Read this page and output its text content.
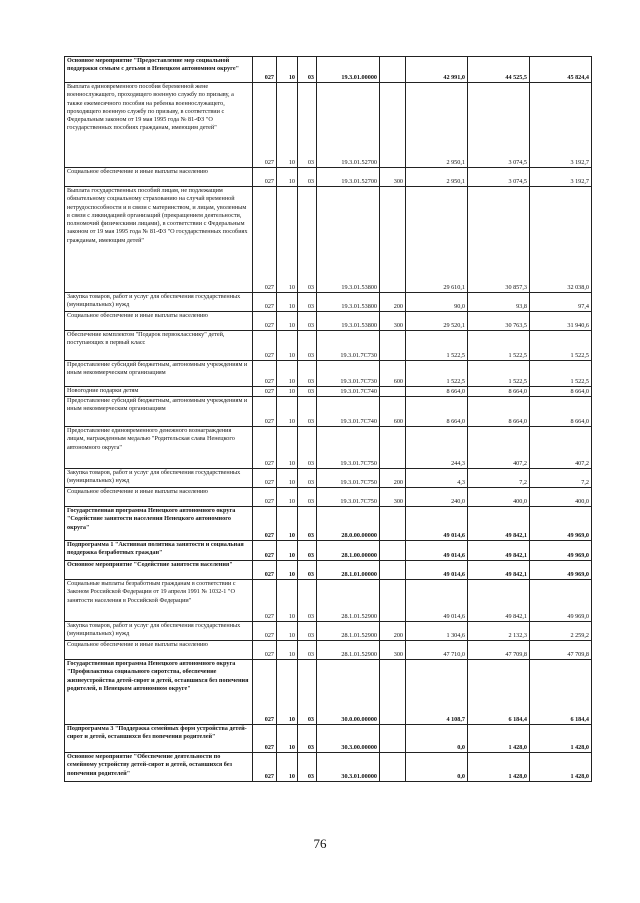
Основное мероприятие "Предоставление мер социальной поддержки семьям с детьми в Ненецком автономном округе"	027	10	03	19.3.01.00000		42 991,0	44 525,5	45 824,4
Выплата единовременного пособия беременной жене военнослужащего, проходящего военную службу по призыву, а также ежемесячного пособия на ребенка военнослужащего, проходящего военную службу по призыву, в соответствии с Федеральным законом от 19 мая 1995 года № 81-ФЗ "О государственных пособиях гражданам, имеющим детей"	027	10	03	19.3.01.52700		2 950,1	3 074,5	3 192,7
Социальное обеспечение и иные выплаты населению	027	10	03	19.3.01.52700	300	2 950,1	3 074,5	3 192,7
Выплата государственных пособий лицам, не подлежащим обязательному социальному страхованию на случай временной нетрудоспособности и в связи с материнством, и лицам, уволенным в связи с ликвидацией организаций (прекращением деятельности, полномочий физическими лицами), в соответствии с Федеральным законом от 19 мая 1995 года № 81-ФЗ "О государственных пособиях гражданам, имеющим детей"	027	10	03	19.3.01.53800		29 610,1	30 857,3	32 038,0
Закупка товаров, работ и услуг для обеспечения государственных (муниципальных) нужд	027	10	03	19.3.01.53800	200	90,0	93,8	97,4
Социальное обеспечение и иные выплаты населению	027	10	03	19.3.01.53800	300	29 520,1	30 763,5	31 940,6
Обеспечение комплектом "Подарок первокласснику" детей, поступающих в первый класс	027	10	03	19.3.01.7С730		1 522,5	1 522,5	1 522,5
Предоставление субсидий бюджетным, автономным учреждениям и иным некоммерческим организациям	027	10	03	19.3.01.7С730	600	1 522,5	1 522,5	1 522,5
Новогодние подарки детям	027	10	03	19.3.01.7С740		8 664,0	8 664,0	8 664,0
Предоставление субсидий бюджетным, автономным учреждениям и иным некоммерческим организациям	027	10	03	19.3.01.7С740	600	8 664,0	8 664,0	8 664,0
Предоставление единовременного денежного вознаграждения лицам, награжденным медалью "Родительская слава Ненецкого автономного округа"	027	10	03	19.3.01.7С750		244,3	407,2	407,2
Закупка товаров, работ и услуг для обеспечения государственных (муниципальных) нужд	027	10	03	19.3.01.7С750	200	4,3	7,2	7,2
Социальное обеспечение и иные выплаты населению	027	10	03	19.3.01.7С750	300	240,0	400,0	400,0
Государственная программа Ненецкого автономного округа "Содействие занятости населения Ненецкого автономного округа"	027	10	03	28.0.00.00000		49 014,6	49 842,1	49 969,0
Подпрограмма 1 "Активная политика занятости и социальная поддержка безработных граждан"	027	10	03	28.1.00.00000		49 014,6	49 842,1	49 969,0
Основное мероприятие "Содействие занятости населения"	027	10	03	28.1.01.00000		49 014,6	49 842,1	49 969,0
Социальные выплаты безработным гражданам в соответствии с Законом Российской Федерации от 19 апреля 1991 № 1032-1 "О занятости населения в Российской Федерации"	027	10	03	28.1.01.52900		49 014,6	49 842,1	49 969,0
Закупка товаров, работ и услуг для обеспечения государственных (муниципальных) нужд	027	10	03	28.1.01.52900	200	1 304,6	2 132,3	2 259,2
Социальное обеспечение и иные выплаты населению	027	10	03	28.1.01.52900	300	47 710,0	47 709,8	47 709,8
Государственная программа Ненецкого автономного округа "Профилактика социального сиротства, обеспечение жизнеустройства детей-сирот и детей, оставшихся без попечения родителей, в Ненецком автономном округе"	027	10	03	30.0.00.00000		4 108,7	6 184,4	6 184,4
Подпрограмма 3 "Поддержка семейных форм устройства детей-сирот и детей, оставшихся без попечения родителей"	027	10	03	30.3.00.00000		0,0	1 428,0	1 428,0
Основное мероприятие "Обеспечение деятельности по семейному устройству детей-сирот и детей, оставшихся без попечения родителей"	027	10	03	30.3.01.00000		0,0	1 428,0	1 428,0
76
